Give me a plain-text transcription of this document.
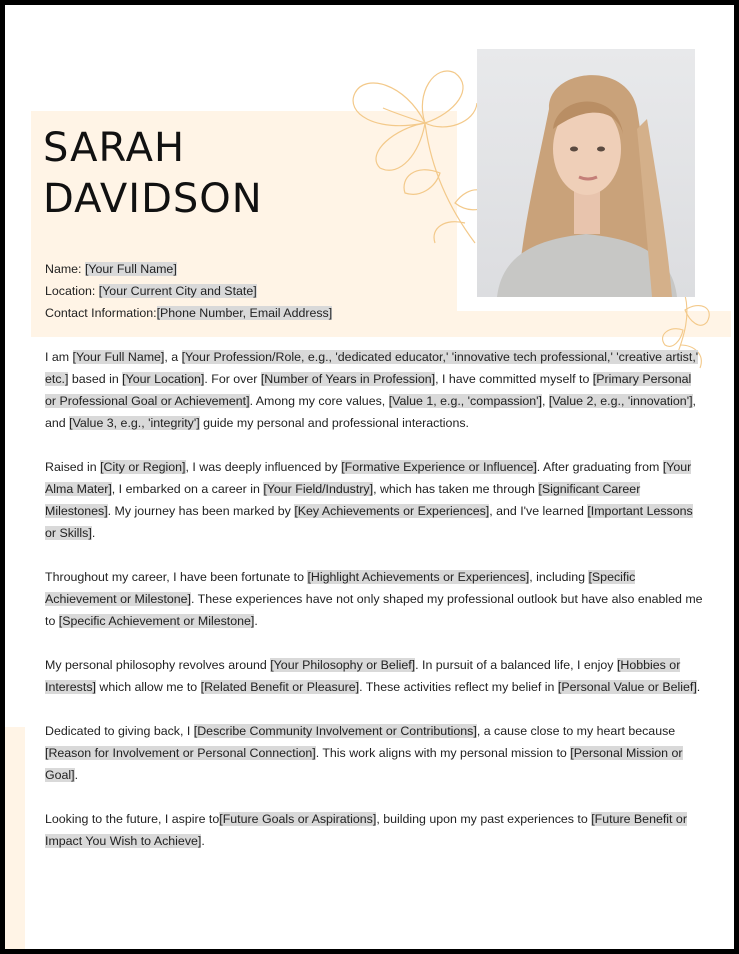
SARAH
DAVIDSON
Name: [Your Full Name]
Location: [Your Current City and State]
Contact Information:[Phone Number, Email Address]

I am [Your Full Name], a [Your Profession/Role, e.g., 'dedicated educator,' 'innovative tech professional,' 'creative artist,' etc.] based in [Your Location]. For over [Number of Years in Profession], I have committed myself to [Primary Personal or Professional Goal or Achievement]. Among my core values, [Value 1, e.g., 'compassion'], [Value 2, e.g., 'innovation'], and [Value 3, e.g., 'integrity'] guide my personal and professional interactions.

Raised in [City or Region], I was deeply influenced by [Formative Experience or Influence]. After graduating from [Your Alma Mater], I embarked on a career in [Your Field/Industry], which has taken me through [Significant Career Milestones]. My journey has been marked by [Key Achievements or Experiences], and I've learned [Important Lessons or Skills].

Throughout my career, I have been fortunate to [Highlight Achievements or Experiences], including [Specific Achievement or Milestone]. These experiences have not only shaped my professional outlook but have also enabled me to [Specific Achievement or Milestone].

My personal philosophy revolves around [Your Philosophy or Belief]. In pursuit of a balanced life, I enjoy [Hobbies or Interests] which allow me to [Related Benefit or Pleasure]. These activities reflect my belief in [Personal Value or Belief].

Dedicated to giving back, I [Describe Community Involvement or Contributions], a cause close to my heart because [Reason for Involvement or Personal Connection]. This work aligns with my personal mission to [Personal Mission or Goal].

Looking to the future, I aspire to[Future Goals or Aspirations], building upon my past experiences to [Future Benefit or Impact You Wish to Achieve].
